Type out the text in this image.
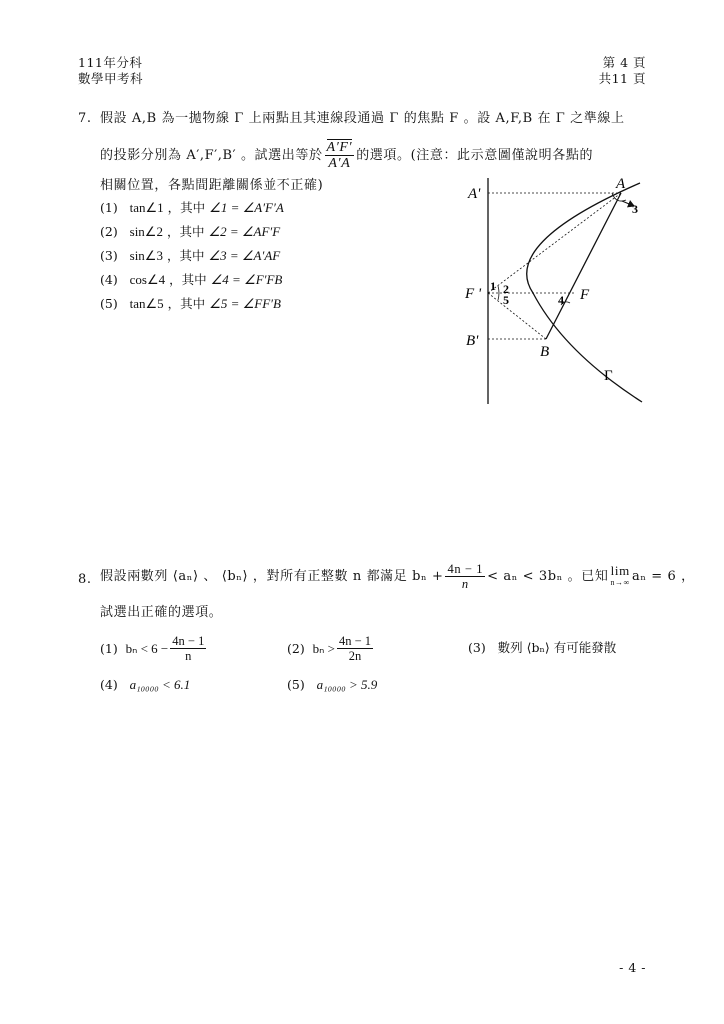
111年分科
數學甲考科
第 4 頁
共11 頁
7. 假設 A,B 為一拋物線 Γ 上兩點且其連線段通過 Γ 的焦點 F 。設 A,F,B 在 Γ 之準線上
的投影分別為 A′,F′,B′ 。試選出等於 $\frac{A'F'}{A'A}$ 的選項。(注意：此示意圖僅說明各點的
相關位置，各點間距離關係並不正確)
(1) tan∠1 ，其中 ∠1 = ∠A′F′A
(2) sin∠2 ，其中 ∠2 = ∠AF′F
(3) sin∠3 ，其中 ∠3 = ∠A′AF
(4) cos∠4 ，其中 ∠4 = ∠F′FB
(5) tan∠5 ，其中 ∠5 = ∠FF′B
A'
F '
B'
A
F
B
Γ
1 2
3
4
5
8. 假設兩數列 ⟨aₙ⟩ 、 ⟨bₙ⟩ ，對所有正整數 n 都滿足 $b_n + \frac{4n - 1}{n} < a_n < 3b_n$ 。已知 lim
n→∞ aₙ = 6 ，
試選出正確的選項。
(1)
$b_n < 6 - \frac{4n - 1}{n}$	(2)
$b_n > \frac{4n - 1}{2n}$	(3) 數列 ⟨bₙ⟩ 有可能發散
(4) a₁₀₀₀₀ < 6.1	(5) a₁₀₀₀₀ > 5.9
- 4 -
